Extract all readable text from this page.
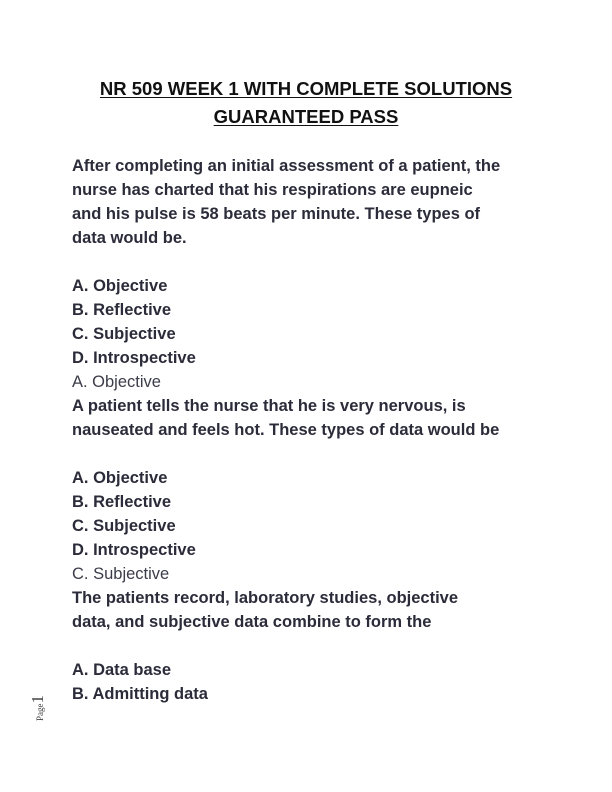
NR 509 WEEK 1 WITH COMPLETE SOLUTIONS
GUARANTEED PASS

After completing an initial assessment of a patient, the

nurse has charted that his respirations are eupneic

and his pulse is 58 beats per minute. These types of

data would be.

A. Objective

B. Reflective

C. Subjective

D. Introspective

A. Objective

A patient tells the nurse that he is very nervous, is

nauseated and feels hot. These types of data would be

A. Objective

B. Reflective

C. Subjective

D. Introspective

C. Subjective

The patients record, laboratory studies, objective

data, and subjective data combine to form the

A. Data base

B. Admitting data

Page1
